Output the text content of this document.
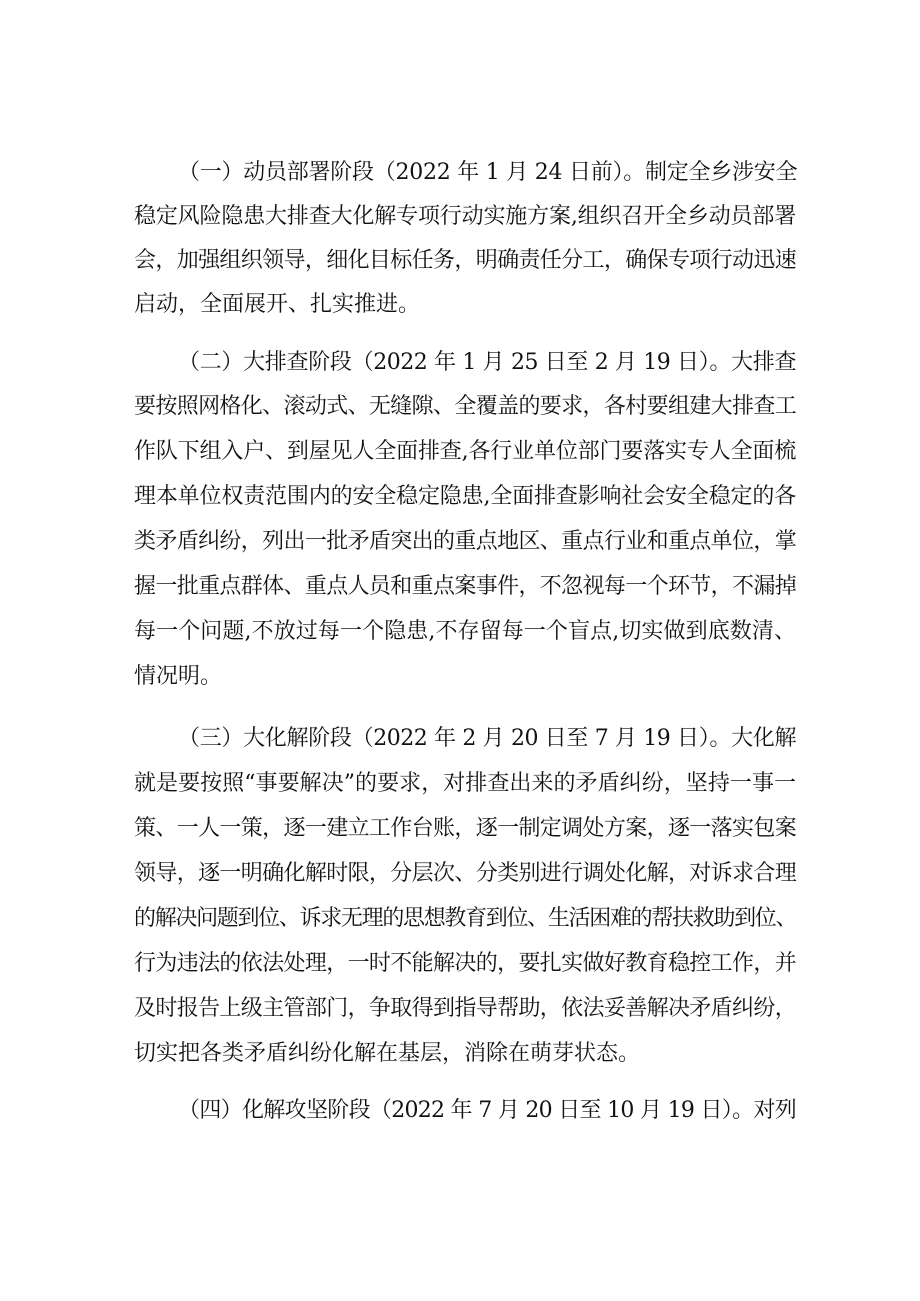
（一）动员部署阶段（2022 年 1 月 24 日前）。制定全乡涉安全
稳定风险隐患大排查大化解专项行动实施方案,组织召开全乡动员部署
会，加强组织领导，细化目标任务，明确责任分工，确保专项行动迅速
启动，全面展开、扎实推进。
（二）大排查阶段（2022 年 1 月 25 日至 2 月 19 日）。大排查
要按照网格化、滚动式、无缝隙、全覆盖的要求，各村要组建大排查工
作队下组入户、到屋见人全面排查,各行业单位部门要落实专人全面梳
理本单位权责范围内的安全稳定隐患,全面排查影响社会安全稳定的各
类矛盾纠纷，列出一批矛盾突出的重点地区、重点行业和重点单位，掌
握一批重点群体、重点人员和重点案事件，不忽视每一个环节，不漏掉
每一个问题,不放过每一个隐患,不存留每一个盲点,切实做到底数清、
情况明。
（三）大化解阶段（2022 年 2 月 20 日至 7 月 19 日）。大化解
就是要按照“事要解决”的要求，对排查出来的矛盾纠纷，坚持一事一
策、一人一策，逐一建立工作台账，逐一制定调处方案，逐一落实包案
领导，逐一明确化解时限，分层次、分类别进行调处化解，对诉求合理
的解决问题到位、诉求无理的思想教育到位、生活困难的帮扶救助到位、
行为违法的依法处理，一时不能解决的，要扎实做好教育稳控工作，并
及时报告上级主管部门，争取得到指导帮助，依法妥善解决矛盾纠纷，
切实把各类矛盾纠纷化解在基层，消除在萌芽状态。
（四）化解攻坚阶段（2022 年 7 月 20 日至 10 月 19 日）。对列
